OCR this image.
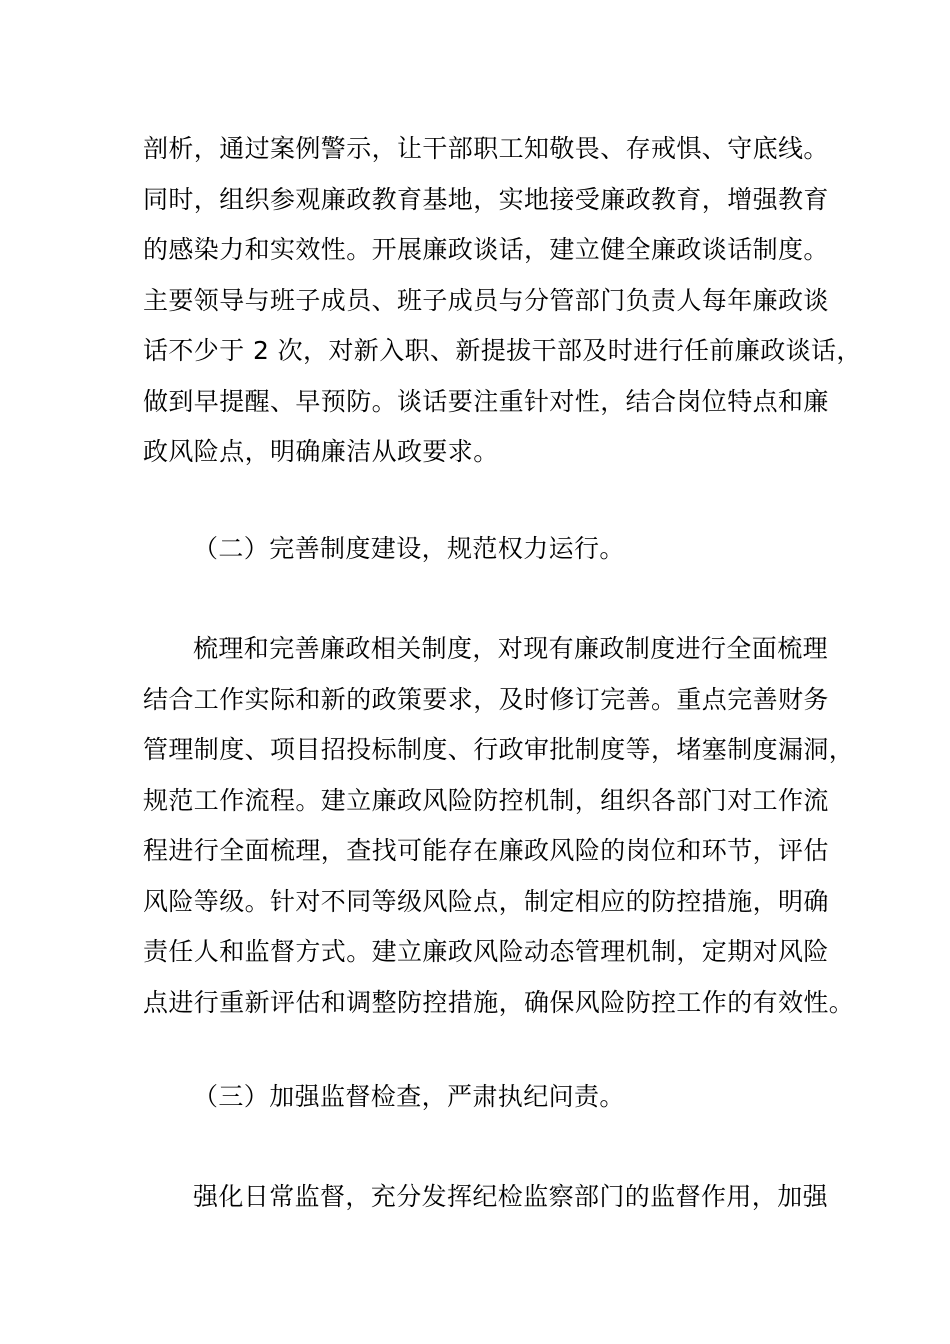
剖析，通过案例警示，让干部职工知敬畏、存戒惧、守底线。
同时，组织参观廉政教育基地，实地接受廉政教育，增强教育
的感染力和实效性。开展廉政谈话，建立健全廉政谈话制度。
主要领导与班子成员、班子成员与分管部门负责人每年廉政谈
话不少于 2 次，对新入职、新提拔干部及时进行任前廉政谈话，
做到早提醒、早预防。谈话要注重针对性，结合岗位特点和廉
政风险点，明确廉洁从政要求。
（二）完善制度建设，规范权力运行。
梳理和完善廉政相关制度，对现有廉政制度进行全面梳理
结合工作实际和新的政策要求，及时修订完善。重点完善财务
管理制度、项目招投标制度、行政审批制度等，堵塞制度漏洞，
规范工作流程。建立廉政风险防控机制，组织各部门对工作流
程进行全面梳理，查找可能存在廉政风险的岗位和环节，评估
风险等级。针对不同等级风险点，制定相应的防控措施，明确
责任人和监督方式。建立廉政风险动态管理机制，定期对风险
点进行重新评估和调整防控措施，确保风险防控工作的有效性。
（三）加强监督检查，严肃执纪问责。
强化日常监督，充分发挥纪检监察部门的监督作用，加强
